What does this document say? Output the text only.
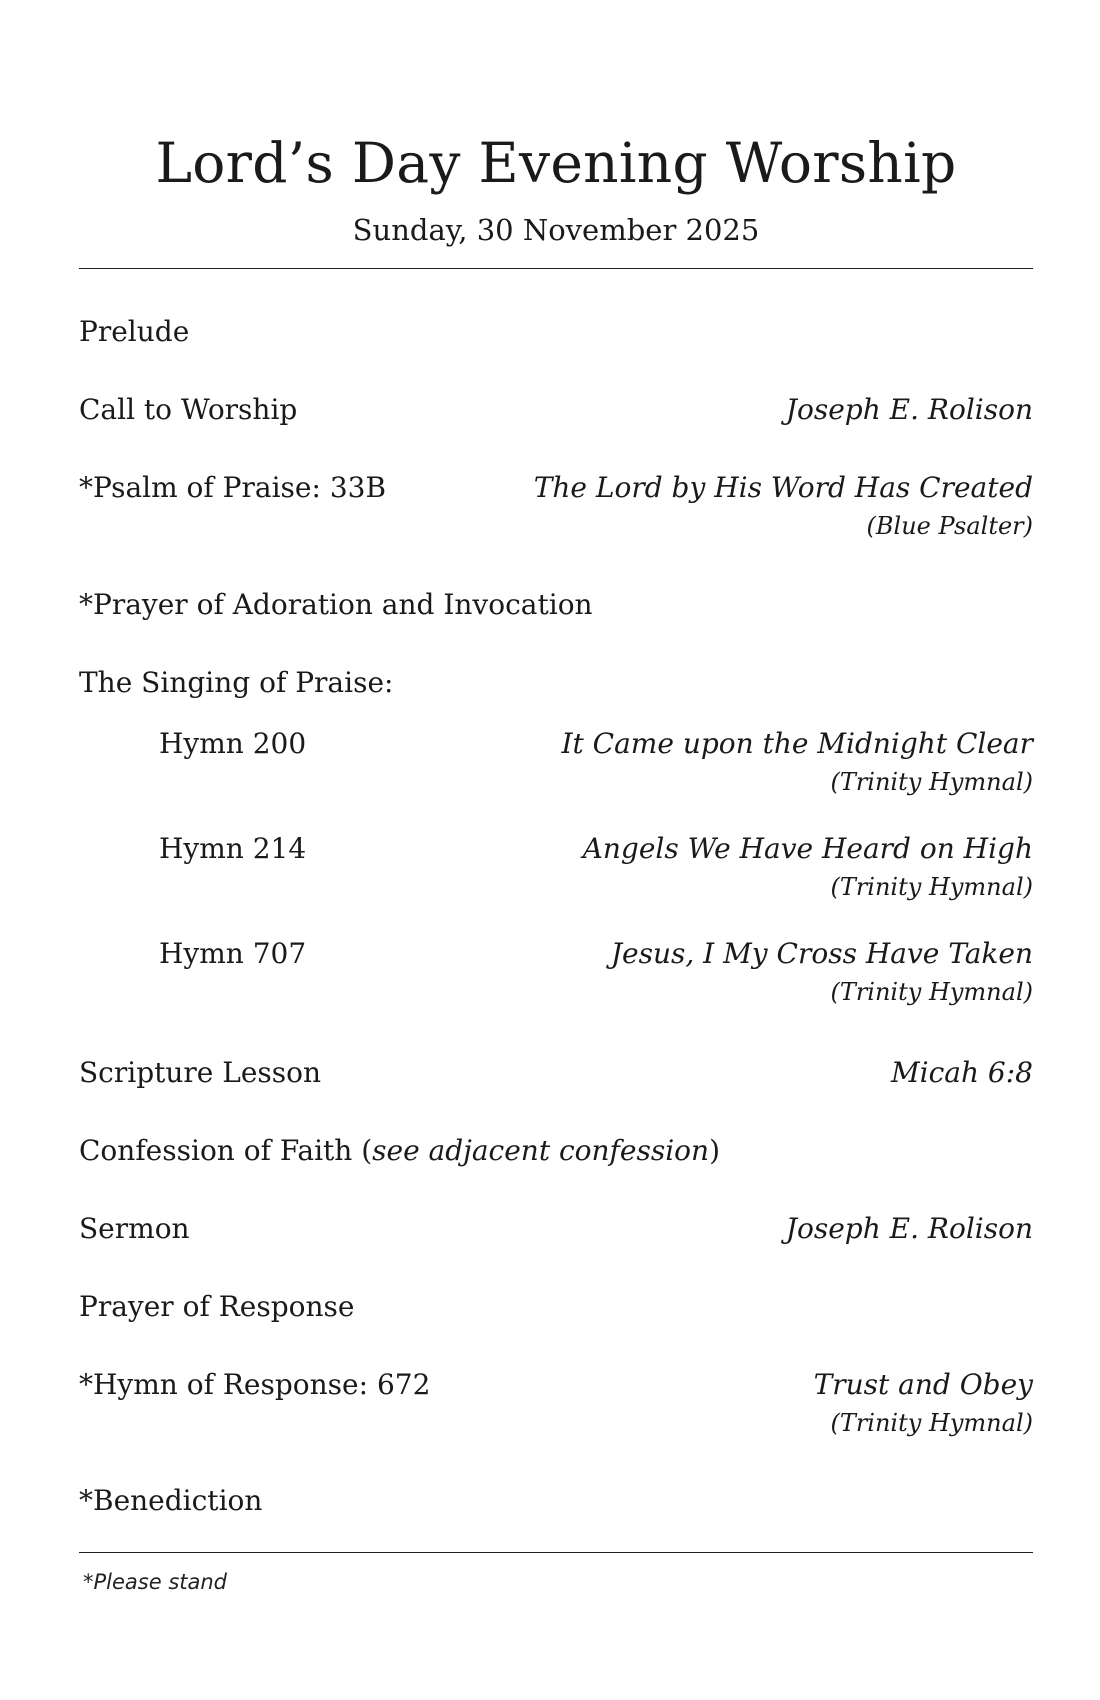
Lord’s Day Evening Worship
Sunday, 30 November 2025
Prelude
Call to Worship	Joseph E. Rolison
*Psalm of Praise: 33B	The Lord by His Word Has Created
(Blue Psalter)
*Prayer of Adoration and Invocation
The Singing of Praise:
Hymn 200	It Came upon the Midnight Clear
(Trinity Hymnal)
Hymn 214	Angels We Have Heard on High
(Trinity Hymnal)
Hymn 707	Jesus, I My Cross Have Taken
(Trinity Hymnal)
Scripture Lesson	Micah 6:8
Confession of Faith (see adjacent confession)
Sermon	Joseph E. Rolison
Prayer of Response
*Hymn of Response: 672	Trust and Obey
(Trinity Hymnal)
*Benediction
*Please stand
